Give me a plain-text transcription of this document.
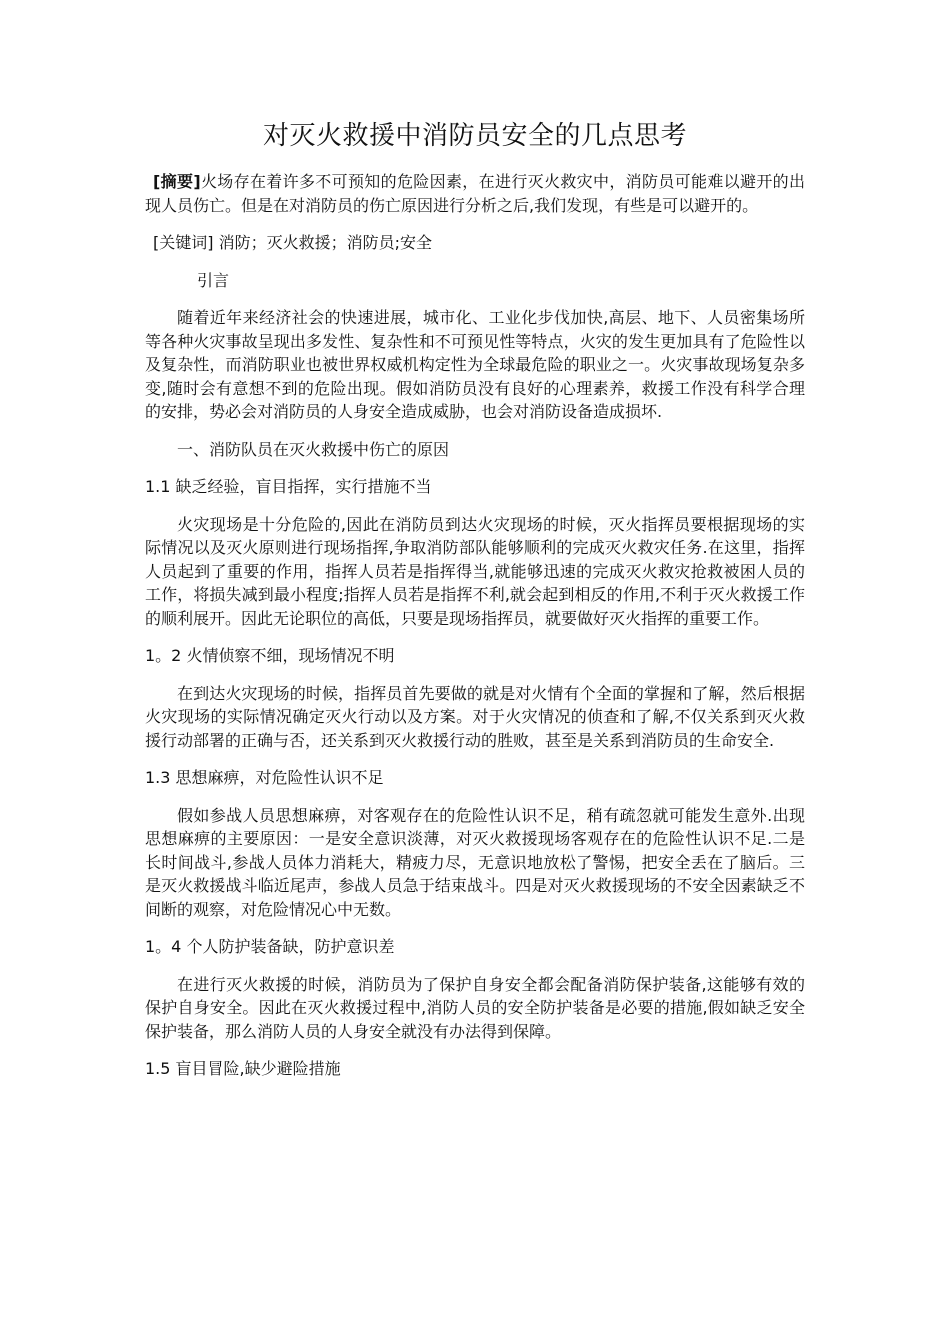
对灭火救援中消防员安全的几点思考

[摘要]火场存在着许多不可预知的危险因素，在进行灭火救灾中，消防员可能难以避开的出现人员伤亡。但是在对消防员的伤亡原因进行分析之后,我们发现，有些是可以避开的。

[关键词] 消防；灭火救援；消防员;安全

引言

随着近年来经济社会的快速进展，城市化、工业化步伐加快,高层、地下、人员密集场所等各种火灾事故呈现出多发性、复杂性和不可预见性等特点，火灾的发生更加具有了危险性以及复杂性，而消防职业也被世界权威机构定性为全球最危险的职业之一。火灾事故现场复杂多变,随时会有意想不到的危险出现。假如消防员没有良好的心理素养，救援工作没有科学合理的安排，势必会对消防员的人身安全造成威胁，也会对消防设备造成损坏.

一、消防队员在灭火救援中伤亡的原因

1.1 缺乏经验，盲目指挥，实行措施不当

火灾现场是十分危险的,因此在消防员到达火灾现场的时候，灭火指挥员要根据现场的实际情况以及灭火原则进行现场指挥,争取消防部队能够顺利的完成灭火救灾任务.在这里，指挥人员起到了重要的作用，指挥人员若是指挥得当,就能够迅速的完成灭火救灾抢救被困人员的工作，将损失减到最小程度;指挥人员若是指挥不利,就会起到相反的作用,不利于灭火救援工作的顺利展开。因此无论职位的高低，只要是现场指挥员，就要做好灭火指挥的重要工作。

1。2 火情侦察不细，现场情况不明

在到达火灾现场的时候，指挥员首先要做的就是对火情有个全面的掌握和了解，然后根据火灾现场的实际情况确定灭火行动以及方案。对于火灾情况的侦查和了解,不仅关系到灭火救援行动部署的正确与否，还关系到灭火救援行动的胜败，甚至是关系到消防员的生命安全.

1.3 思想麻痹，对危险性认识不足

假如参战人员思想麻痹，对客观存在的危险性认识不足，稍有疏忽就可能发生意外.出现思想麻痹的主要原因：一是安全意识淡薄，对灭火救援现场客观存在的危险性认识不足.二是长时间战斗,参战人员体力消耗大，精疲力尽，无意识地放松了警惕，把安全丢在了脑后。三是灭火救援战斗临近尾声，参战人员急于结束战斗。四是对灭火救援现场的不安全因素缺乏不间断的观察，对危险情况心中无数。

1。4 个人防护装备缺，防护意识差

在进行灭火救援的时候，消防员为了保护自身安全都会配备消防保护装备,这能够有效的保护自身安全。因此在灭火救援过程中,消防人员的安全防护装备是必要的措施,假如缺乏安全保护装备，那么消防人员的人身安全就没有办法得到保障。

1.5 盲目冒险,缺少避险措施
